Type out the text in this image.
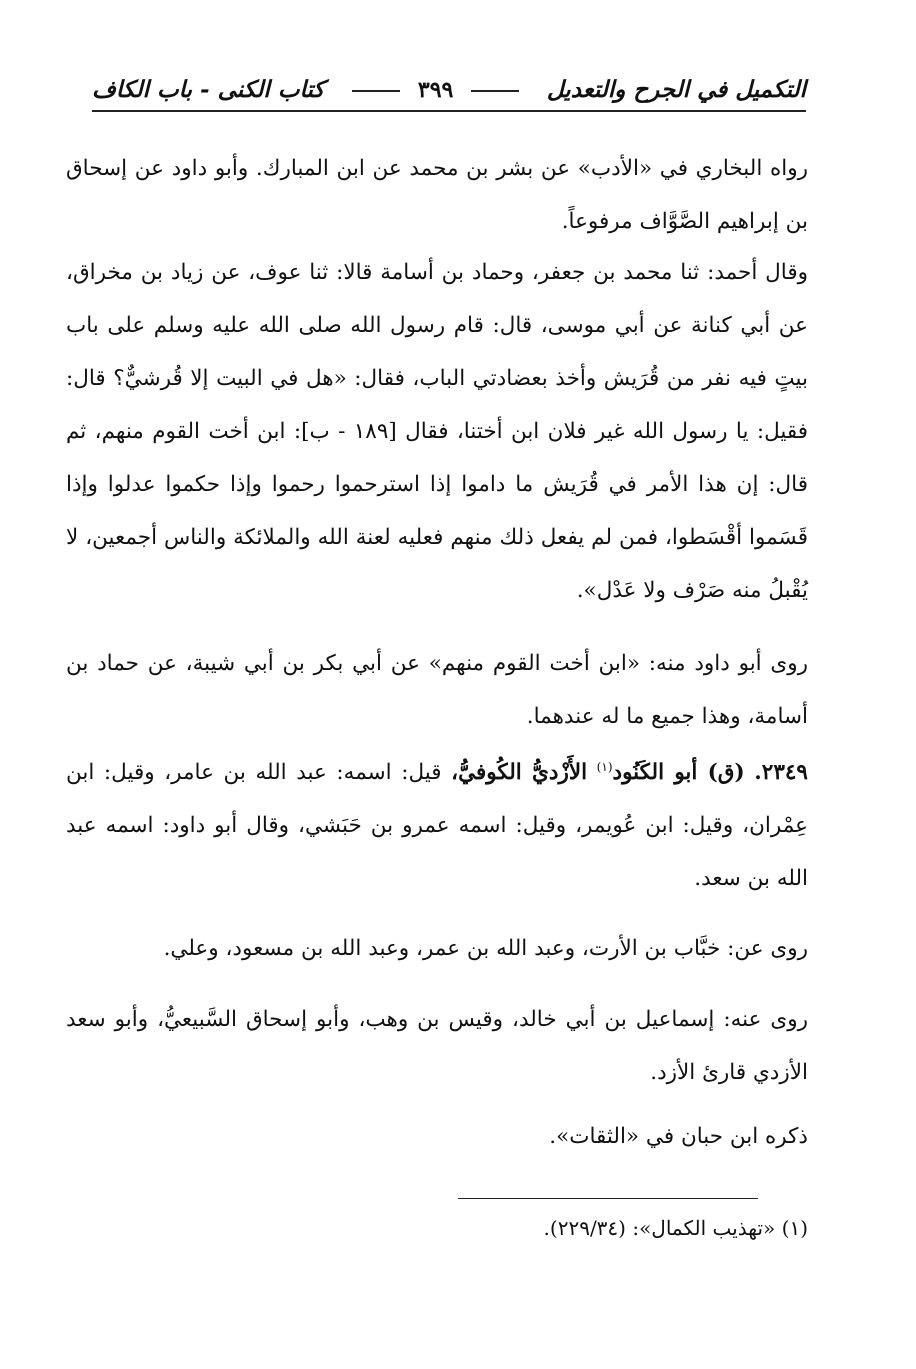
التكميل في الجرح والتعديل
٣٩٩
كتاب الكنى - باب الكاف

رواه البخاري في «الأدب» عن بشر بن محمد عن ابن المبارك. وأبو داود عن إسحاق بن إبراهيم الصَّوَّاف مرفوعاً.

وقال أحمد: ثنا محمد بن جعفر، وحماد بن أسامة قالا: ثنا عوف، عن زياد بن مخراق، عن أبي كنانة عن أبي موسى، قال: قام رسول الله صلى الله عليه وسلم على باب بيتٍ فيه نفر من قُرَيش وأخذ بعضادتي الباب، فقال: «هل في البيت إلا قُرشيٌّ؟ قال: فقيل: يا رسول الله غير فلان ابن أختنا، فقال [١٨٩ - ب]: ابن أخت القوم منهم، ثم قال: إن هذا الأمر في قُرَيش ما داموا إذا استرحموا رحموا وإذا حكموا عدلوا وإذا قَسَموا أقْسَطوا، فمن لم يفعل ذلك منهم فعليه لعنة الله والملائكة والناس أجمعين، لا يُقْبلُ منه صَرْف ولا عَدْل».

روى أبو داود منه: «ابن أخت القوم منهم» عن أبي بكر بن أبي شيبة، عن حماد بن أسامة، وهذا جميع ما له عندهما.

٢٣٤٩. (ق) أبو الكَنُود$^{(١)}$ الأَزْديُّ الكُوفيُّ، قيل: اسمه: عبد الله بن عامر، وقيل: ابن عِمْران، وقيل: ابن عُويمر، وقيل: اسمه عمرو بن حَبَشي، وقال أبو داود: اسمه عبد الله بن سعد.

روى عن: خبَّاب بن الأرت، وعبد الله بن عمر، وعبد الله بن مسعود، وعلي.

روى عنه: إسماعيل بن أبي خالد، وقيس بن وهب، وأبو إسحاق السَّبيعيُّ، وأبو سعد الأزدي قارئ الأزد.

ذكره ابن حبان في «الثقات».

(١) «تهذيب الكمال»: (٢٢٩/٣٤).
